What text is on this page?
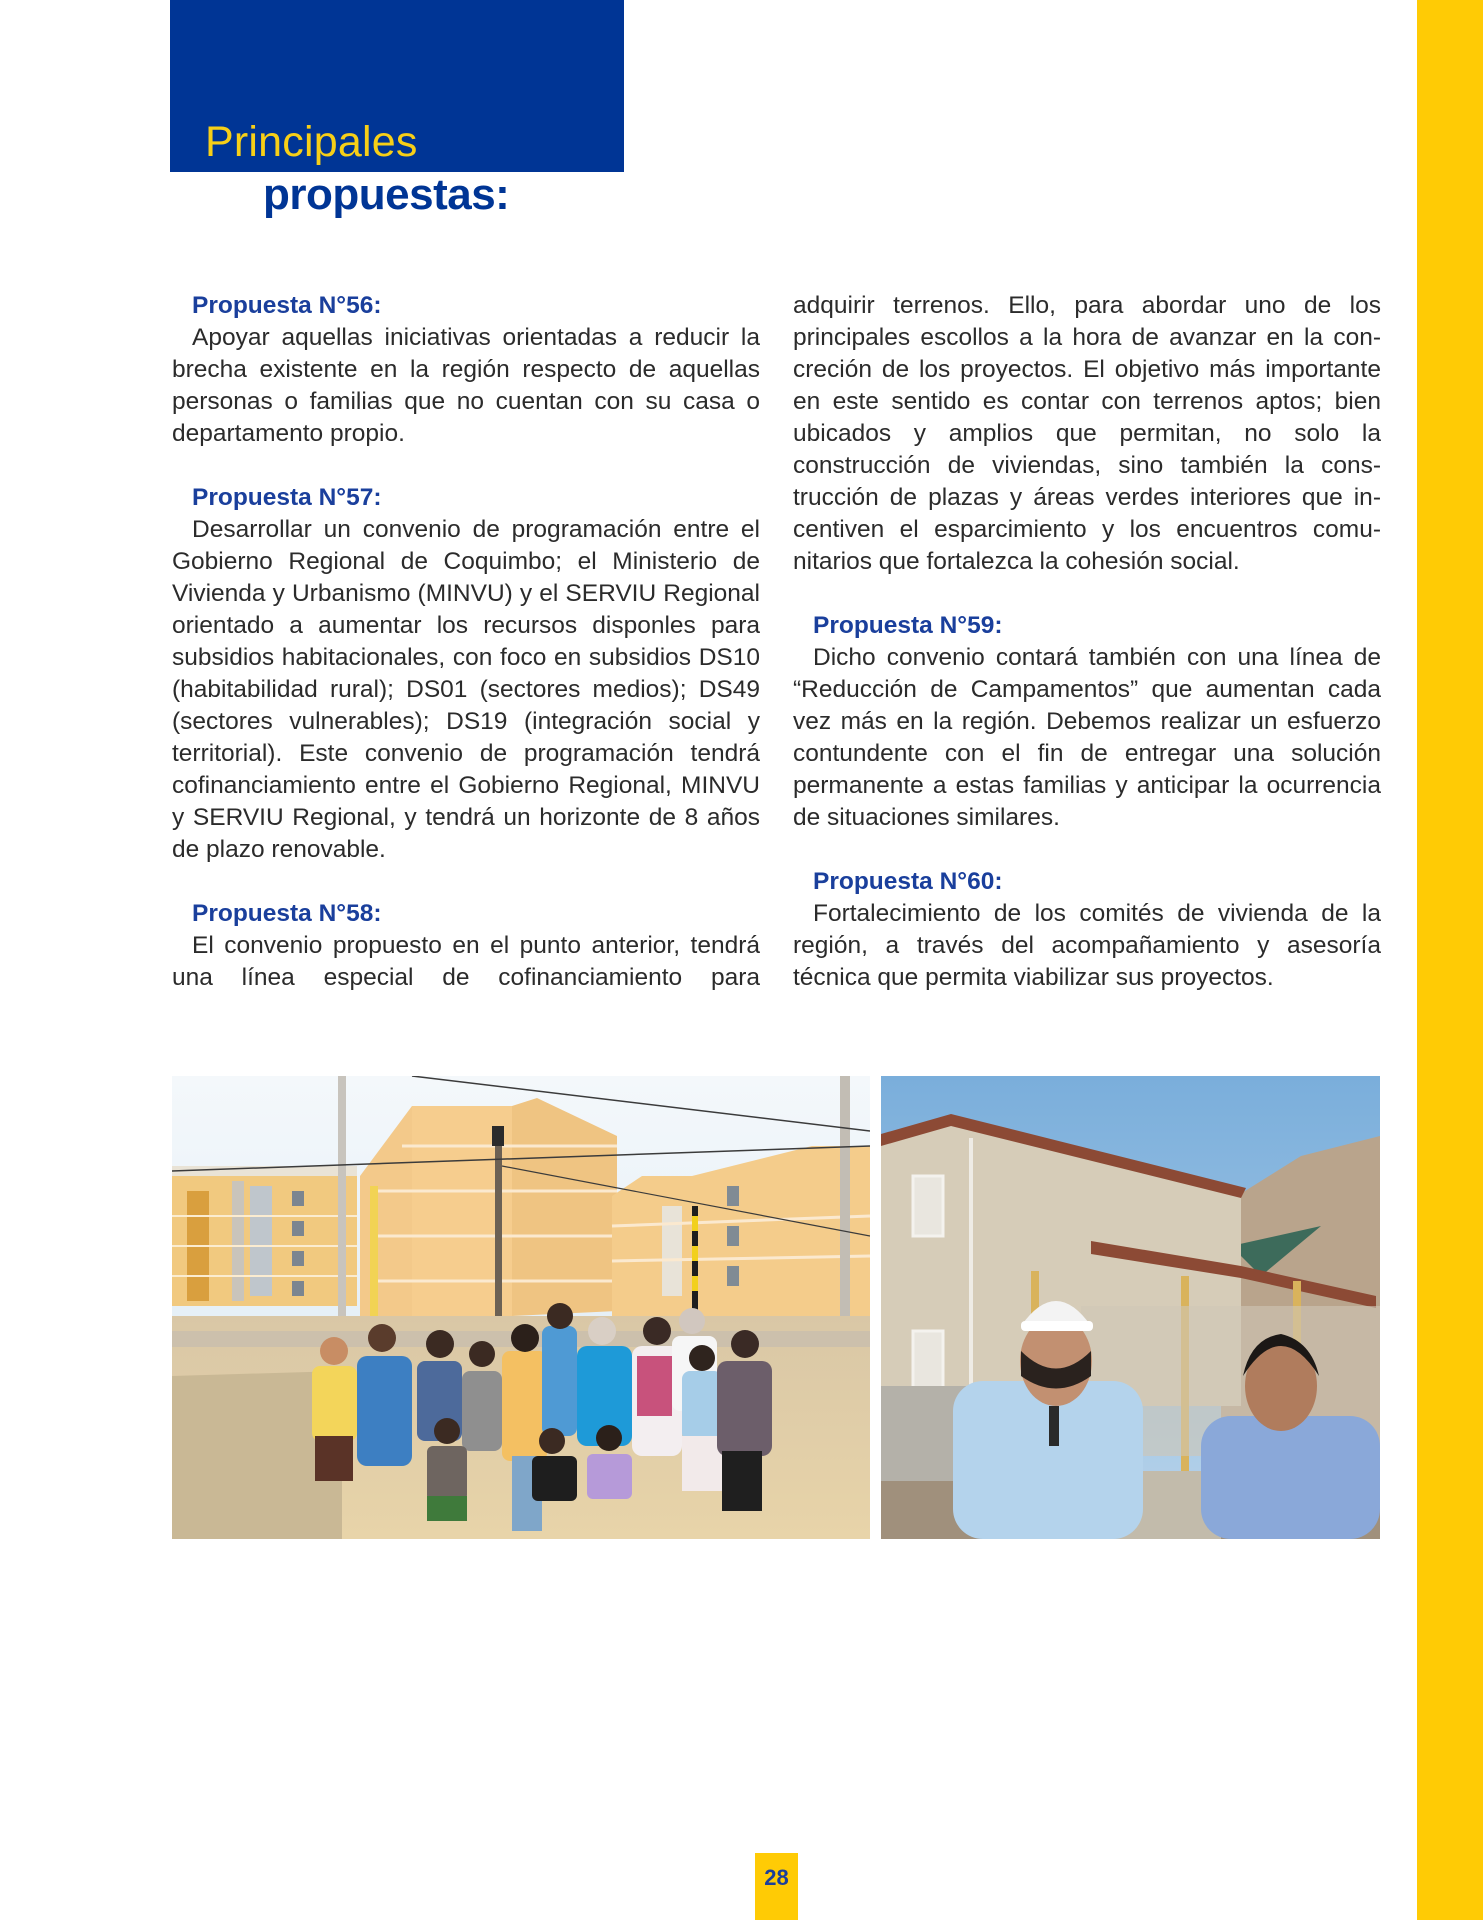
Principales
propuestas:

Propuesta N°56:

Apoyar aquellas iniciativas orientadas a reducir la brecha existente en la región respecto de aquellas personas o familias que no cuentan con su casa o departamento propio.

Propuesta N°57:

Desarrollar un convenio de programación entre el Gobierno Regional de Coquimbo; el Ministerio de Vivienda y Urbanismo (MINVU) y el SERVIU Regional orientado a aumentar los recursos disponles para subsidios habitacionales, con foco en subsidios DS10 (habitabilidad rural); DS01 (sectores medios); DS49 (sectores vulnerables); DS19 (integración social y territorial). Este convenio de programación tendrá cofinanciamiento entre el Gobierno Regional, MINVU y SERVIU Regional, y tendrá un horizonte de 8 años de plazo renovable.

Propuesta N°58:

El convenio propuesto en el punto anterior, tendrá una línea especial de cofinanciamiento para

adquirir terrenos. Ello, para abordar uno de los principales escollos a la hora de avanzar en la concreción de los proyectos. El objetivo más importante en este sentido es contar con terrenos aptos; bien ubicados y amplios que permitan, no solo la construcción de viviendas, sino también la construcción de plazas y áreas verdes interiores que incentiven el esparcimiento y los encuentros comunitarios que fortalezca la cohesión social.

Propuesta N°59:

Dicho convenio contará también con una línea de “Reducción de Campamentos” que aumentan cada vez más en la región. Debemos realizar un esfuerzo contundente con el fin de entregar una solución permanente a estas familias y anticipar la ocurrencia de situaciones similares.

Propuesta N°60:

Fortalecimiento de los comités de vivienda de la región, a través del acompañamiento y asesoría técnica que permita viabilizar sus proyectos.

28
